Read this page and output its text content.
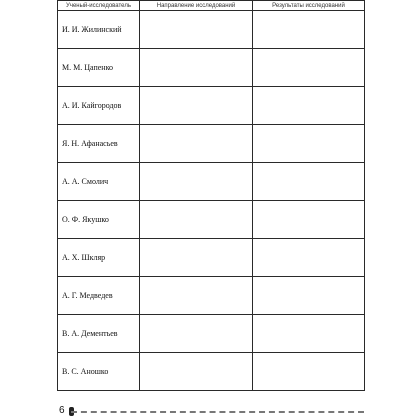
Ученый-исследователь	Направление исследований	Результаты исследований
И. И. Жилинский		
М. М. Цапенко		
А. И. Кайгородов		
Я. Н. Афанасьев		
А. А. Смолич		
О. Ф. Якушко		
А. Х. Шкляр		
А. Г. Медведев		
В. А. Дементьев		
В. С. Аношко		
6
